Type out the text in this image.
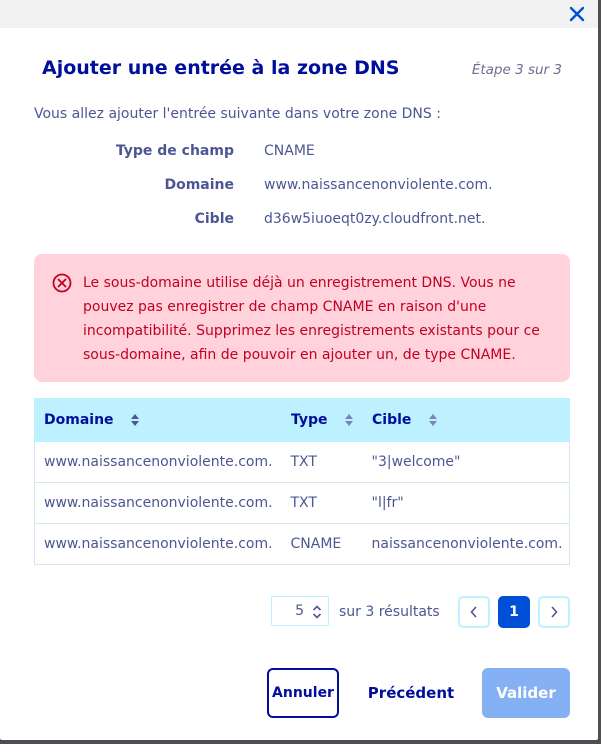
Ajouter une entrée à la zone DNS	Étape 3 sur 3
Vous allez ajouter l'entrée suivante dans votre zone DNS :
Type de champ CNAME
Domaine www.naissancenonviolente.com.
Cible d36w5iuoeqt0zy.cloudfront.net.
Le sous-domaine utilise déjà un enregistrement DNS. Vous ne pouvez pas enregistrer de champ CNAME en raison d'une incompatibilité. Supprimez les enregistrements existants pour ce sous-domaine, afin de pouvoir en ajouter un, de type CNAME.
Domaine	Type	Cible
www.naissancenonviolente.com.	TXT	"3|welcome"
www.naissancenonviolente.com.	TXT	"l|fr"
www.naissancenonviolente.com.	CNAME	naissancenonviolente.com.
5	sur 3 résultats	1
Annuler	Précédent	Valider
